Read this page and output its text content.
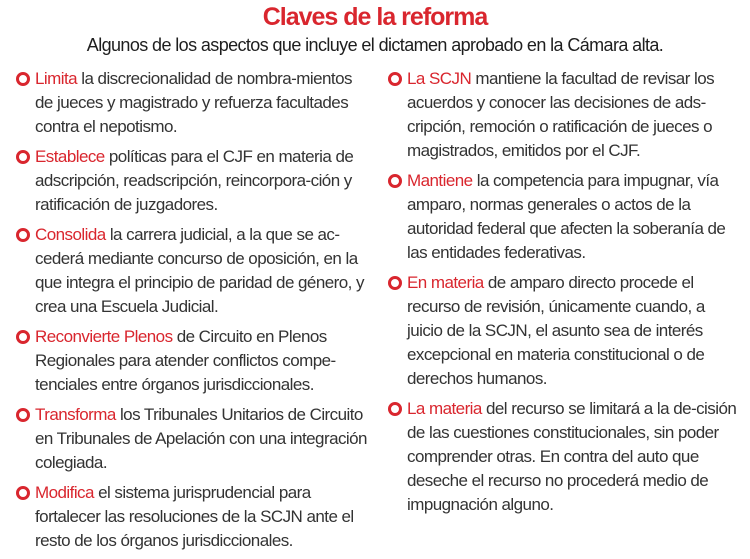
Claves de la reforma
Algunos de los aspectos que incluye el dictamen aprobado en la Cámara alta.
Limita la discrecionalidad de nombra-mientos de jueces y magistrado y refuerza facultades contra el nepotismo.
Establece políticas para el CJF en materia de adscripción, readscripción, reincorpora-ción y ratificación de juzgadores.
Consolida la carrera judicial, a la que se ac-cederá mediante concurso de oposición, en la que integra el principio de paridad de género, y crea una Escuela Judicial.
Reconvierte Plenos de Circuito en Plenos Regionales para atender conflictos compe-tenciales entre órganos jurisdiccionales.
Transforma los Tribunales Unitarios de Circuito en Tribunales de Apelación con una integración colegiada.
Modifica el sistema jurisprudencial para fortalecer las resoluciones de la SCJN ante el resto de los órganos jurisdiccionales.
La SCJN mantiene la facultad de revisar los acuerdos y conocer las decisiones de ads-cripción, remoción o ratificación de jueces o magistrados, emitidos por el CJF.
Mantiene la competencia para impugnar, vía amparo, normas generales o actos de la autoridad federal que afecten la soberanía de las entidades federativas.
En materia de amparo directo procede el recurso de revisión, únicamente cuando, a juicio de la SCJN, el asunto sea de interés excepcional en materia constitucional o de derechos humanos.
La materia del recurso se limitará a la de-cisión de las cuestiones constitucionales, sin poder comprender otras. En contra del auto que deseche el recurso no procederá medio de impugnación alguno.
